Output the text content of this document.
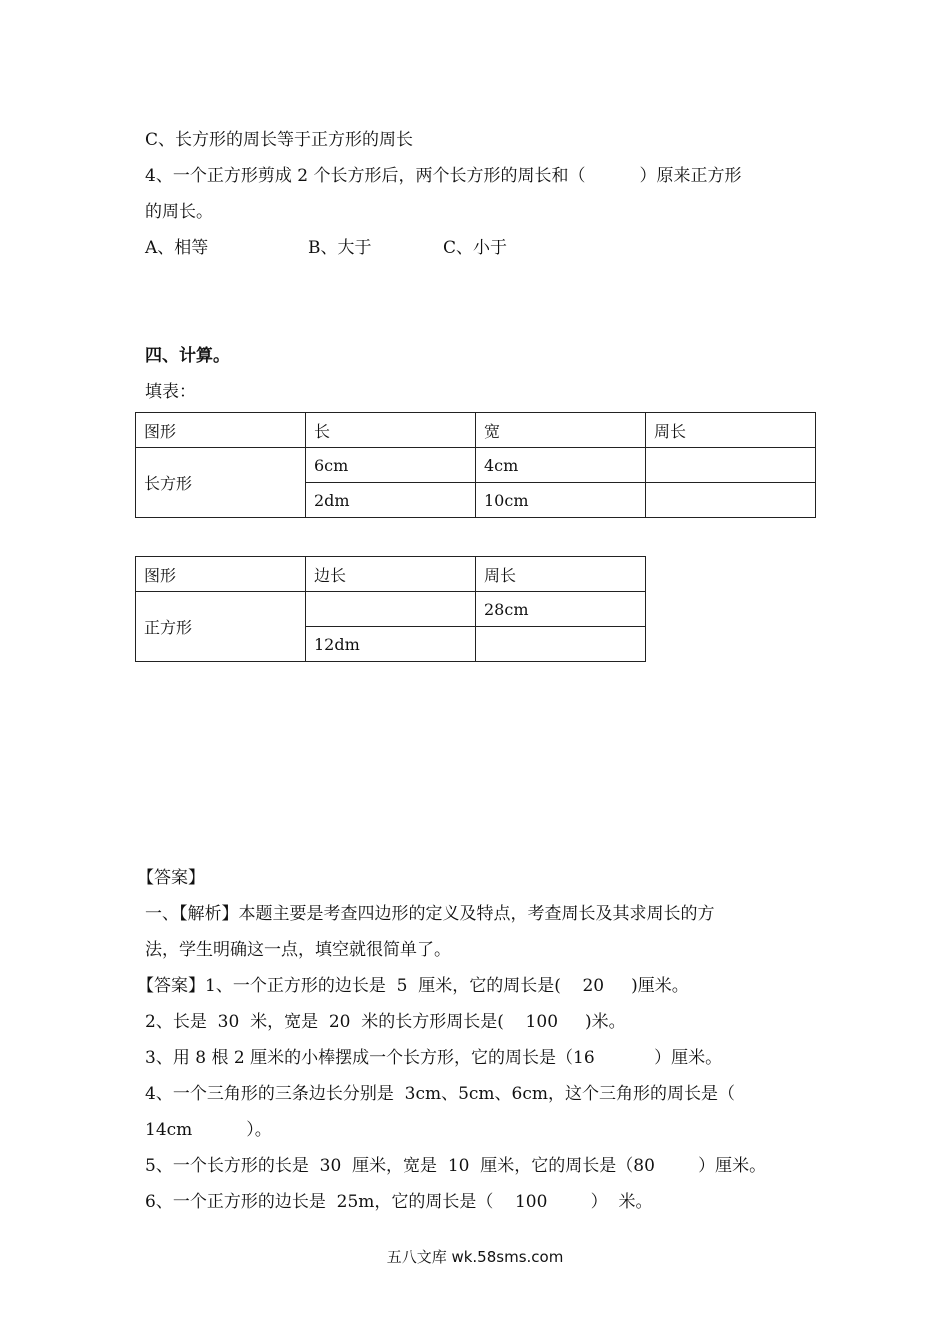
C、长方形的周长等于正方形的周长
4、一个正方形剪成 2 个长方形后，两个长方形的周长和（          ）原来正方形
的周长。
A、相等	B、大于	C、小于
四、计算。
填表：
图形	长	宽	周长
长方形	6cm	4cm	
	2dm	10cm	
图形	边长	周长
正方形		28cm
	12dm	
【答案】
一、【解析】本题主要是考查四边形的定义及特点，考查周长及其求周长的方
法，学生明确这一点，填空就很简单了。
【答案】1、一个正方形的边长是  5  厘米，它的周长是(    20     )厘米。
2、长是  30  米，宽是  20  米的长方形周长是(    100     )米。
3、用 8 根 2 厘米的小棒摆成一个长方形，它的周长是（16           ）厘米。
4、一个三角形的三条边长分别是  3cm、5cm、6cm，这个三角形的周长是（
14cm          ）。
5、一个长方形的长是  30  厘米，宽是  10  厘米，它的周长是（80        ）厘米。
6、一个正方形的边长是  25m，它的周长是（    100        ）  米。
五八文库 wk.58sms.com
